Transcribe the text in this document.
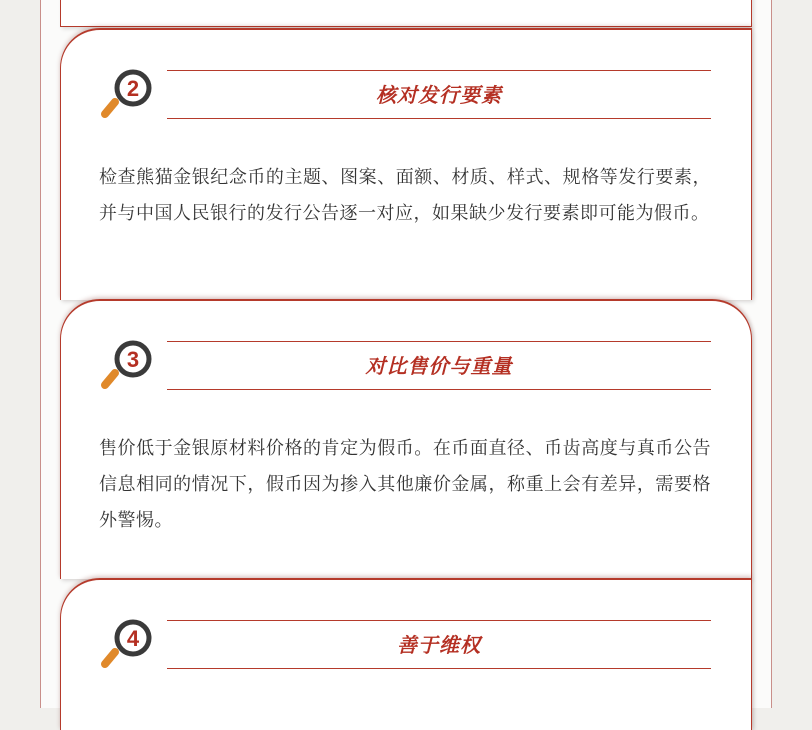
2	核对发行要素
检查熊猫金银纪念币的主题、图案、面额、材质、样式、规格等发行要素，并与中国人民银行的发行公告逐一对应，如果缺少发行要素即可能为假币。
3	对比售价与重量
售价低于金银原材料价格的肯定为假币。在币面直径、币齿高度与真币公告信息相同的情况下，假币因为掺入其他廉价金属，称重上会有差异，需要格外警惕。
4	善于维权
